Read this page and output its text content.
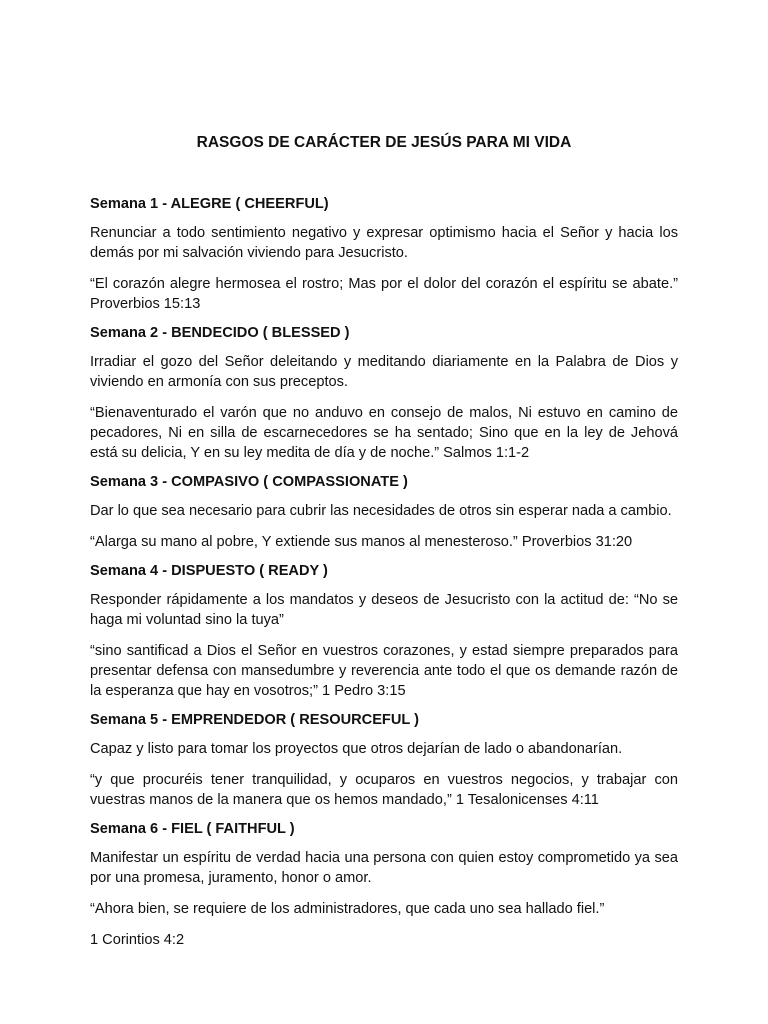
RASGOS DE CARÁCTER DE JESÚS PARA MI VIDA
Semana 1 - ALEGRE ( CHEERFUL)
Renunciar a todo sentimiento negativo y expresar optimismo hacia el Señor y hacia los demás por mi salvación viviendo para Jesucristo.
“El corazón alegre hermosea el rostro; Mas por el dolor del corazón el espíritu se abate.” Proverbios 15:13
Semana 2 - BENDECIDO ( BLESSED )
Irradiar el gozo del Señor deleitando y meditando diariamente en la Palabra de Dios y viviendo en armonía con sus preceptos.
“Bienaventurado el varón que no anduvo en consejo de malos, Ni estuvo en camino de pecadores, Ni en silla de escarnecedores se ha sentado; Sino que en la ley de Jehová está su delicia, Y en su ley medita de día y de noche.” Salmos 1:1-2
Semana 3 - COMPASIVO ( COMPASSIONATE )
Dar lo que sea necesario para cubrir las necesidades de otros sin esperar nada a cambio.
“Alarga su mano al pobre, Y extiende sus manos al menesteroso.” Proverbios 31:20
Semana 4 - DISPUESTO ( READY )
Responder rápidamente a los mandatos y deseos de Jesucristo con la actitud de: “No se haga mi voluntad sino la tuya”
“sino santificad a Dios el Señor en vuestros corazones, y estad siempre preparados para presentar defensa con mansedumbre y reverencia ante todo el que os demande razón de la esperanza que hay en vosotros;” 1 Pedro 3:15
Semana 5 - EMPRENDEDOR ( RESOURCEFUL )
Capaz y listo para tomar los proyectos que otros dejarían de lado o abandonarían.
“y que procuréis tener tranquilidad, y ocuparos en vuestros negocios, y trabajar con vuestras manos de la manera que os hemos mandado,” 1 Tesalonicenses 4:11
Semana 6 - FIEL ( FAITHFUL )
Manifestar un espíritu de verdad hacia una persona con quien estoy comprometido ya sea por una promesa, juramento, honor o amor.
“Ahora bien, se requiere de los administradores, que cada uno sea hallado fiel.”
1 Corintios 4:2
